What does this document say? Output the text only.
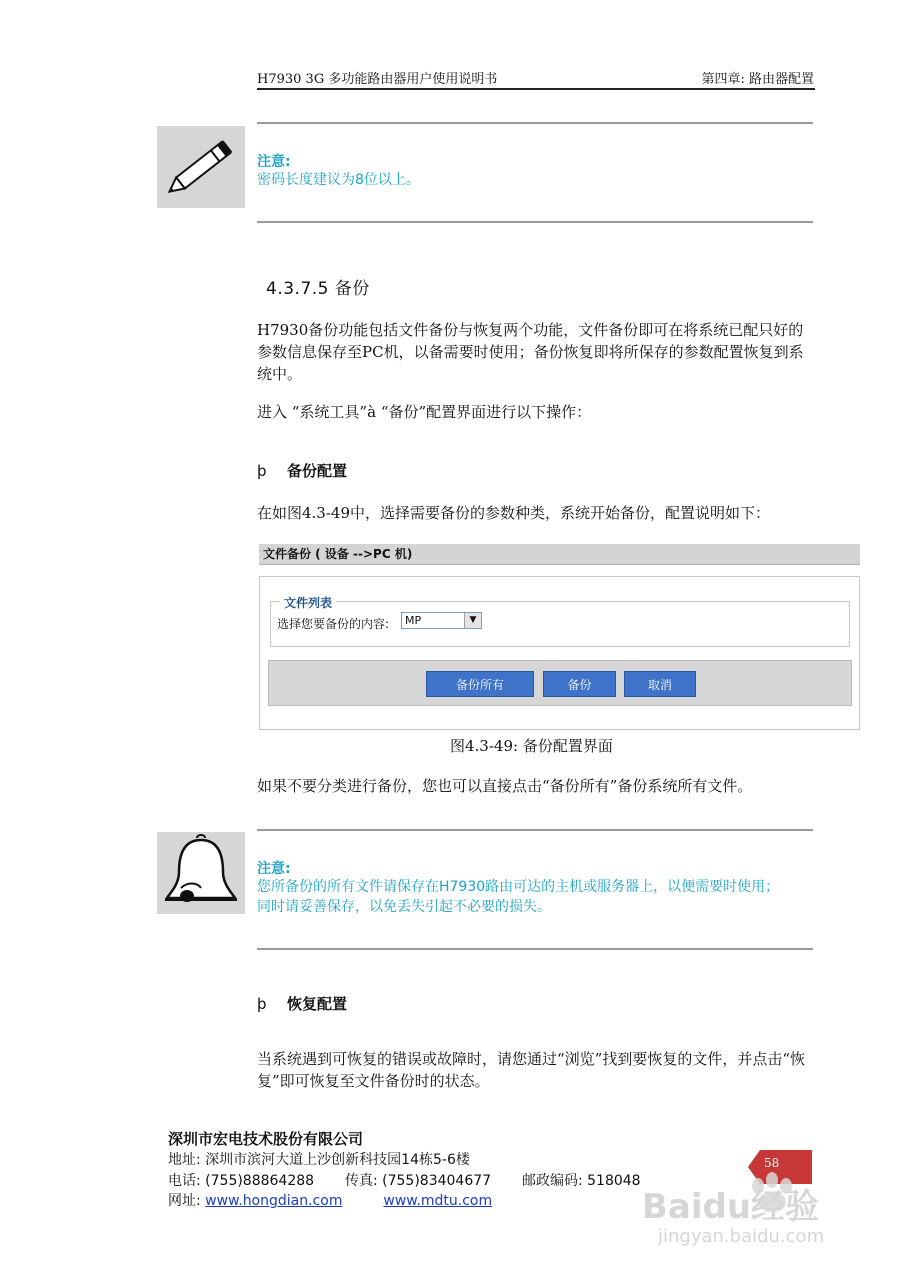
H7930 3G 多功能路由器用户使用说明书	第四章: 路由器配置
注意:
密码长度建议为8位以上。
4.3.7.5 备份
H7930备份功能包括文件备份与恢复两个功能，文件备份即可在将系统已配只好的参数信息保存至PC机，以备需要时使用；备份恢复即将所保存的参数配置恢复到系统中。
进入 “系统工具”à “备份”配置界面进行以下操作：
þ 备份配置
在如图4.3-49中，选择需要备份的参数种类，系统开始备份，配置说明如下：
文件备份 ( 设备 -->PC 机)
文件列表
选择您要备份的内容:	MP	▼
备份所有	备份	取消
图4.3-49: 备份配置界面
如果不要分类进行备份，您也可以直接点击“备份所有”备份系统所有文件。
注意:
您所备份的所有文件请保存在H7930路由可达的主机或服务器上，以便需要时使用；
同时请妥善保存，以免丢失引起不必要的损失。
þ 恢复配置
当系统遇到可恢复的错误或故障时，请您通过“浏览”找到要恢复的文件，并点击“恢复”即可恢复至文件备份时的状态。
深圳市宏电技术股份有限公司
地址: 深圳市滨河大道上沙创新科技园14栋5-6楼
电话: (755)88864288 传真: (755)83404677 邮政编码: 518048
网址: www.hongdian.com	www.mdtu.com
58
Baidu经验
jingyan.baidu.com
